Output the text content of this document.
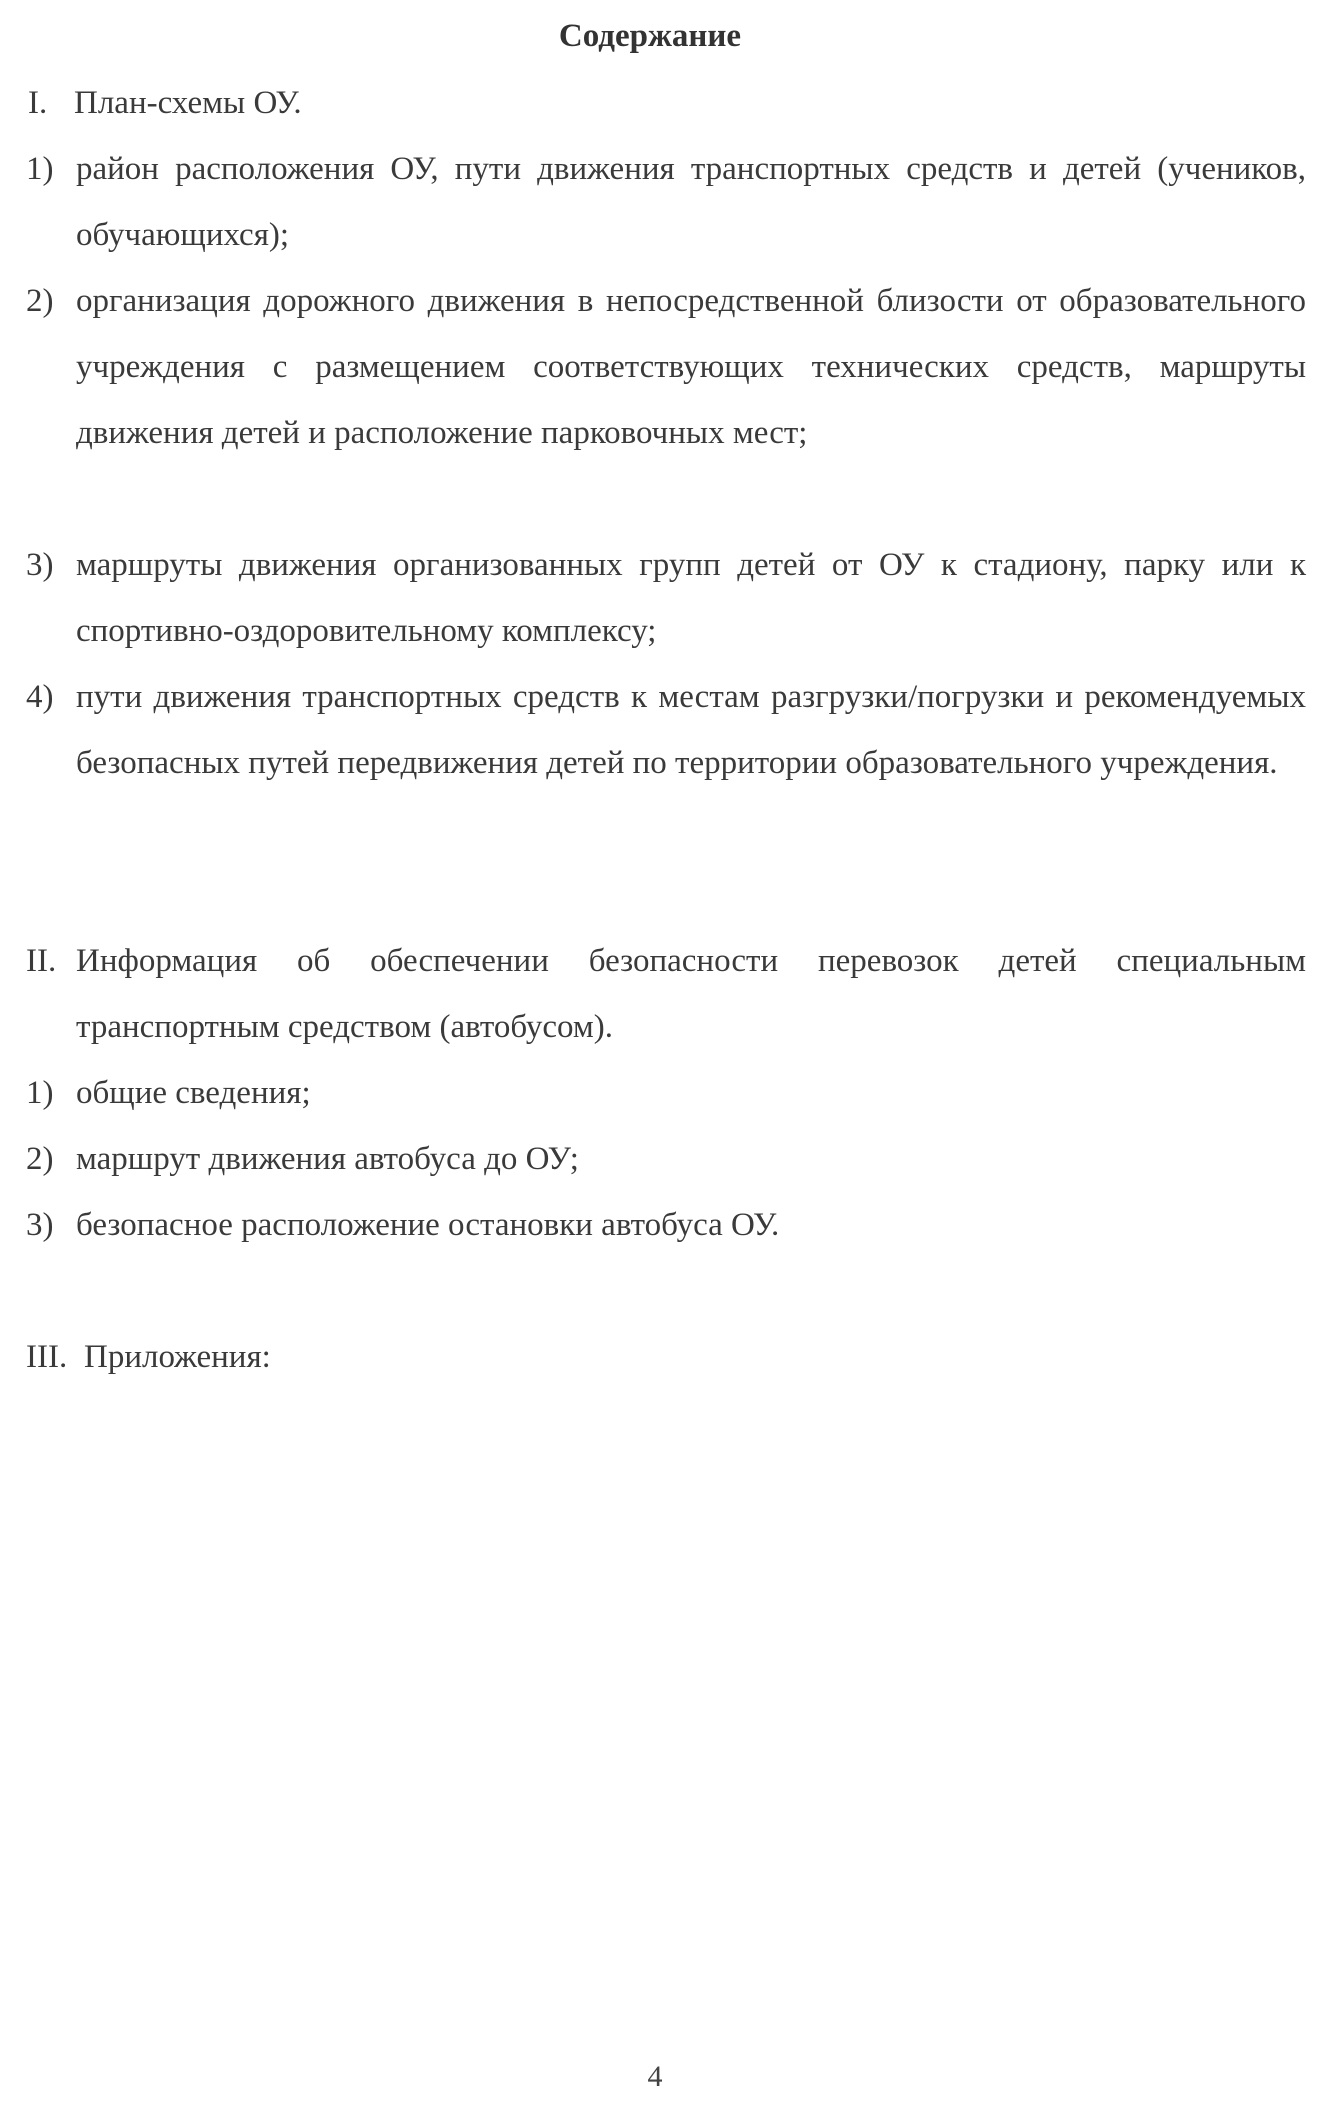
Содержание
I. План-схемы ОУ.
1) район расположения ОУ, пути движения транспортных средств и детей (учеников, обучающихся);
2) организация дорожного движения в непосредственной близости от образовательного учреждения с размещением соответствующих технических средств, маршруты движения детей и расположение парковочных мест;
3) маршруты движения организованных групп детей от ОУ к стадиону, парку или к спортивно-оздоровительному комплексу;
4) пути движения транспортных средств к местам разгрузки/погрузки и рекомендуемых безопасных путей передвижения детей по территории образовательного учреждения.
II. Информация об обеспечении безопасности перевозок детей специальным транспортным средством (автобусом).
1) общие сведения;
2) маршрут движения автобуса до ОУ;
3) безопасное расположение остановки автобуса ОУ.
III. Приложения:
4
